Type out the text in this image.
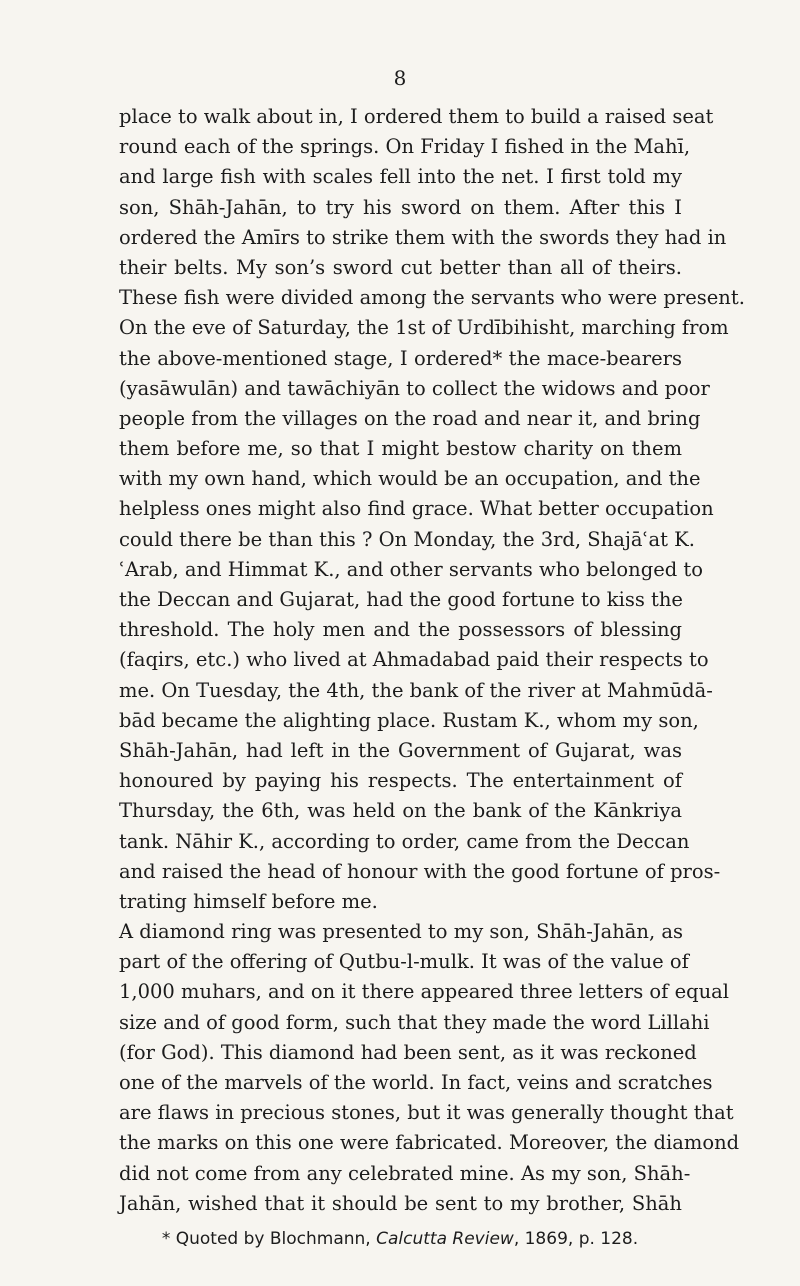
8
place to walk about in, I ordered them to build a raised seat
round each of the springs. On Friday I fished in the Mahī,
and large fish with scales fell into the net. I first told my
son, Shāh-Jahān, to try his sword on them. After this I
ordered the Amīrs to strike them with the swords they had in
their belts. My son’s sword cut better than all of theirs.
These fish were divided among the servants who were present.
On the eve of Saturday, the 1st of Urdībihisht, marching from
the above-mentioned stage, I ordered* the mace-bearers
(yasāwulān) and tawāchiyān to collect the widows and poor
people from the villages on the road and near it, and bring
them before me, so that I might bestow charity on them
with my own hand, which would be an occupation, and the
helpless ones might also find grace. What better occupation
could there be than this ? On Monday, the 3rd, Shajāʿat K.
ʿArab, and Himmat K., and other servants who belonged to
the Deccan and Gujarat, had the good fortune to kiss the
threshold. The holy men and the possessors of blessing
(faqirs, etc.) who lived at Ahmadabad paid their respects to
me. On Tuesday, the 4th, the bank of the river at Mahmūdā-
bād became the alighting place. Rustam K., whom my son,
Shāh-Jahān, had left in the Government of Gujarat, was
honoured by paying his respects. The entertainment of
Thursday, the 6th, was held on the bank of the Kānkriya
tank. Nāhir K., according to order, came from the Deccan
and raised the head of honour with the good fortune of pros-
trating himself before me.
A diamond ring was presented to my son, Shāh-Jahān, as
part of the offering of Qutbu-l-mulk. It was of the value of
1,000 muhars, and on it there appeared three letters of equal
size and of good form, such that they made the word Lillahi
(for God). This diamond had been sent, as it was reckoned
one of the marvels of the world. In fact, veins and scratches
are flaws in precious stones, but it was generally thought that
the marks on this one were fabricated. Moreover, the diamond
did not come from any celebrated mine. As my son, Shāh-
Jahān, wished that it should be sent to my brother, Shāh
* Quoted by Blochmann, Calcutta Review, 1869, p. 128.
